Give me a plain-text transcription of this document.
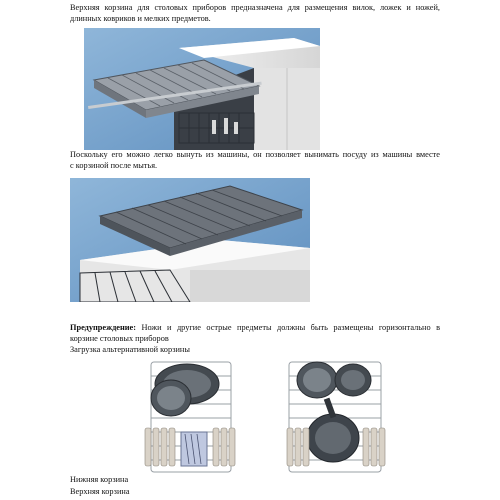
Верхняя корзина для столовых приборов предназначена для размещения вилок, ложек и ножей,
длинных ковриков и мелких предметов.
Поскольку его можно легко вынуть из машины, он позволяет вынимать посуду из машины вместе
с корзиной после мытья.
Предупреждение: Ножи и другие острые предметы должны быть размещены горизонтально в
корзине столовых приборов
Загрузка альтернативной корзины
Нижняя корзина
Верхняя корзина
